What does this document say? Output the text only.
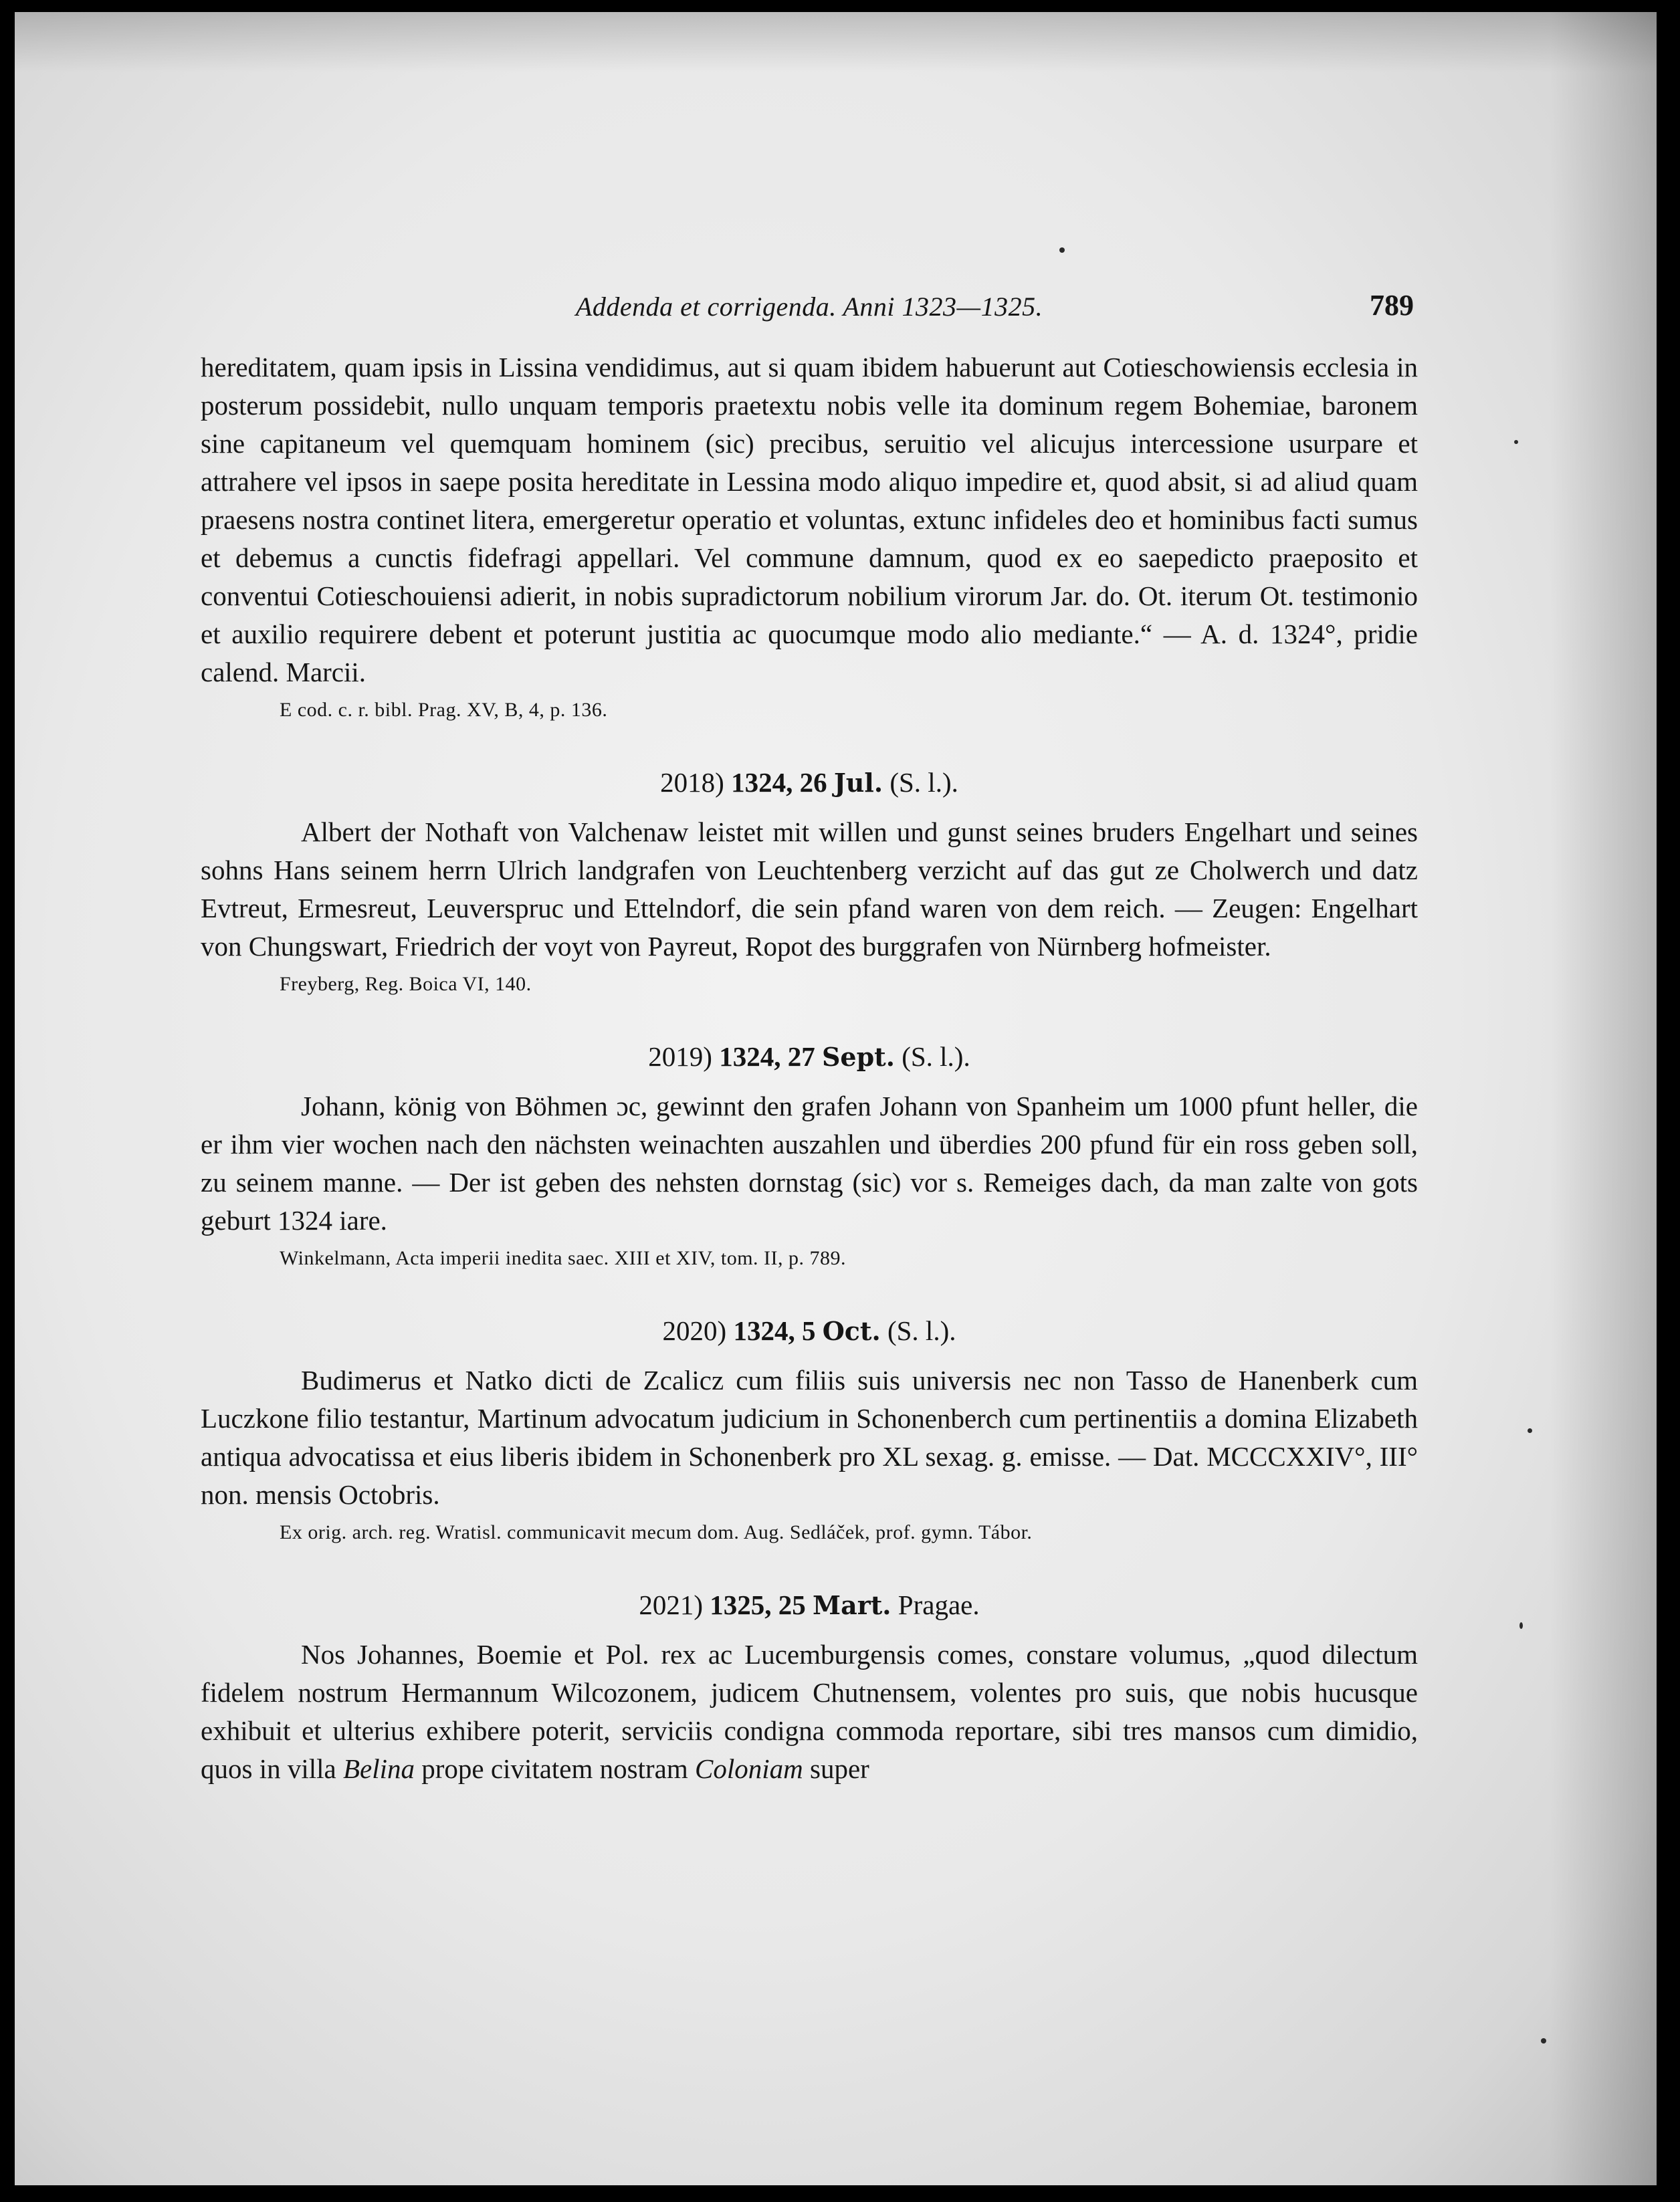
Addenda et corrigenda. Anni 1323—1325.	789

hereditatem, quam ipsis in Lissina vendidimus, aut si quam ibidem habuerunt aut Cotieschowiensis ecclesia in posterum possidebit, nullo unquam temporis praetextu nobis velle ita dominum regem Bohemiae, baronem sine capitaneum vel quemquam hominem (sic) precibus, seruitio vel alicujus intercessione usurpare et attrahere vel ipsos in saepe posita hereditate in Lessina modo aliquo impedire et, quod absit, si ad aliud quam praesens nostra continet litera, emergeretur operatio et voluntas, extunc infideles deo et hominibus facti sumus et debemus a cunctis fidefragi appellari. Vel commune damnum, quod ex eo saepedicto praeposito et conventui Cotieschouiensi adierit, in nobis supradictorum nobilium virorum Jar. do. Ot. iterum Ot. testimonio et auxilio requirere debent et poterunt justitia ac quocumque modo alio mediante.“ — A. d. 1324°, pridie calend. Marcii.

E cod. c. r. bibl. Prag. XV, B, 4, p. 136.
2018) 1324, 26 Jul. (S. l.).

Albert der Nothaft von Valchenaw leistet mit willen und gunst seines bruders Engelhart und seines sohns Hans seinem herrn Ulrich landgrafen von Leuchtenberg verzicht auf das gut ze Cholwerch und datz Evtreut, Ermesreut, Leuverspruc und Ettelndorf, die sein pfand waren von dem reich. — Zeugen: Engelhart von Chungswart, Friedrich der voyt von Payreut, Ropot des burggrafen von Nürnberg hofmeister.

Freyberg, Reg. Boica VI, 140.
2019) 1324, 27 Sept. (S. l.).

Johann, könig von Böhmen ɔc, gewinnt den grafen Johann von Spanheim um 1000 pfunt heller, die er ihm vier wochen nach den nächsten weinachten auszahlen und überdies 200 pfund für ein ross geben soll, zu seinem manne. — Der ist geben des nehsten dornstag (sic) vor s. Remeiges dach, da man zalte von gots geburt 1324 iare.

Winkelmann, Acta imperii inedita saec. XIII et XIV, tom. II, p. 789.
2020) 1324, 5 Oct. (S. l.).

Budimerus et Natko dicti de Zcalicz cum filiis suis universis nec non Tasso de Hanenberk cum Luczkone filio testantur, Martinum advocatum judicium in Schonenberch cum pertinentiis a domina Elizabeth antiqua advocatissa et eius liberis ibidem in Schonenberk pro XL sexag. g. emisse. — Dat. MCCCXXIV°, III° non. mensis Octobris.

Ex orig. arch. reg. Wratisl. communicavit mecum dom. Aug. Sedláček, prof. gymn. Tábor.
2021) 1325, 25 Mart. Pragae.

Nos Johannes, Boemie et Pol. rex ac Lucemburgensis comes, constare volumus, „quod dilectum fidelem nostrum Hermannum Wilcozonem, judicem Chutnensem, volentes pro suis, que nobis hucusque exhibuit et ulterius exhibere poterit, serviciis condigna commoda reportare, sibi tres mansos cum dimidio, quos in villa Belina prope civitatem nostram Coloniam super
